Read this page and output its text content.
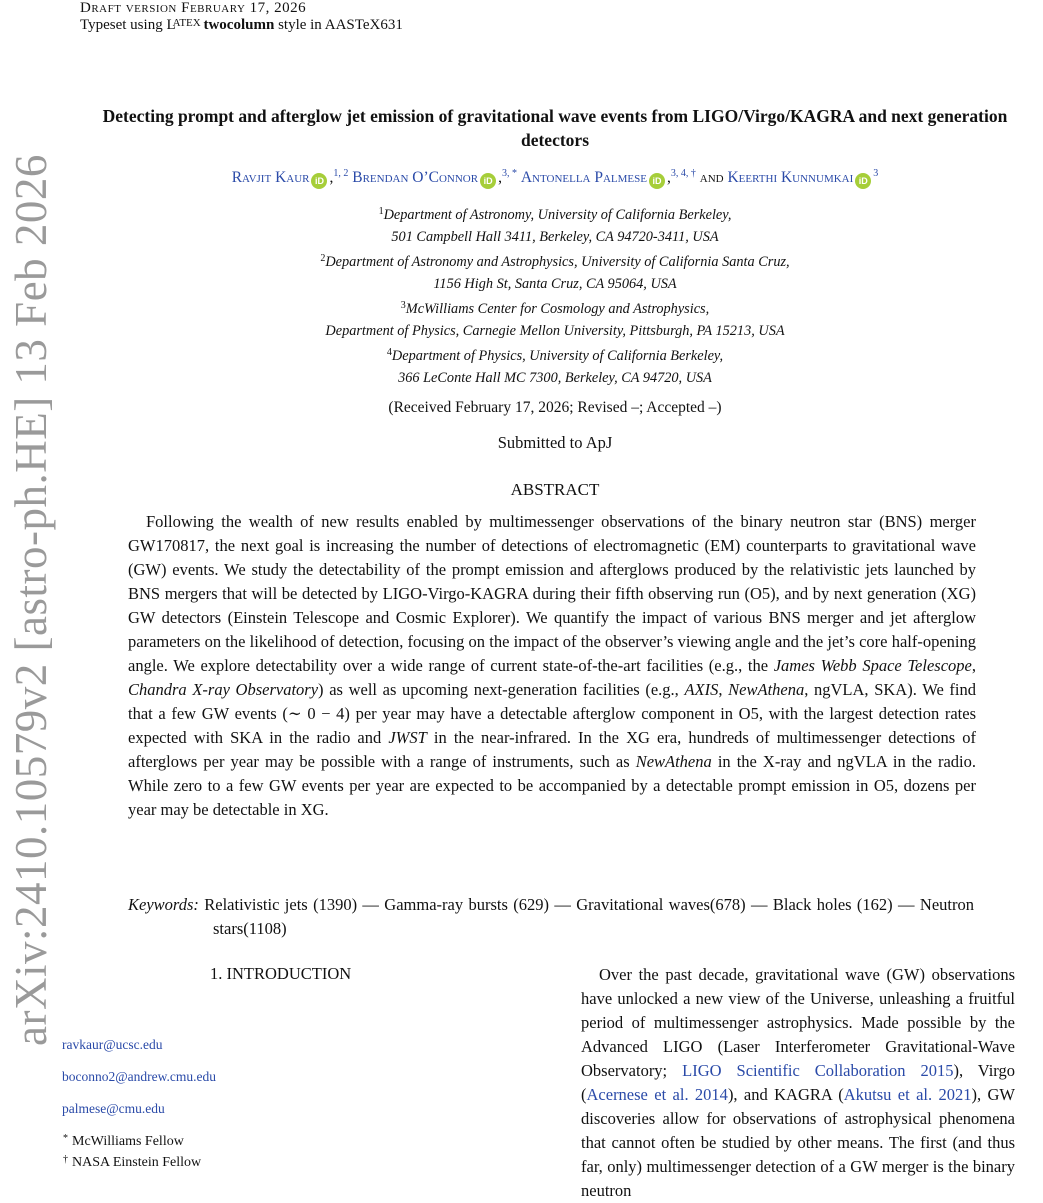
Draft version February 17, 2026
Typeset using $L^{ATEX}$ twocolumn style in AASTeX631
arXiv:2410.10579v2 [astro-ph.HE] 13 Feb 2026
Detecting prompt and afterglow jet emission of gravitational wave events from LIGO/Virgo/KAGRA and next generation detectors
Ravjit Kaur iD ,$^{1, 2}$ Brendan O’Connor iD ,$^{3, *}$ Antonella Palmese iD ,$^{3, 4, \dagger}$ and Keerthi Kunnumkai $iD^3$
$^1$Department of Astronomy, University of California Berkeley,
501 Campbell Hall 3411, Berkeley, CA 94720-3411, USA
$^2$Department of Astronomy and Astrophysics, University of California Santa Cruz,
1156 High St, Santa Cruz, CA 95064, USA
$^3$McWilliams Center for Cosmology and Astrophysics,
Department of Physics, Carnegie Mellon University, Pittsburgh, PA 15213, USA
$^4$Department of Physics, University of California Berkeley,
366 LeConte Hall MC 7300, Berkeley, CA 94720, USA
(Received February 17, 2026; Revised –; Accepted –)
Submitted to ApJ
ABSTRACT
Following the wealth of new results enabled by multimessenger observations of the binary neutron star (BNS) merger GW170817, the next goal is increasing the number of detections of electromagnetic (EM) counterparts to gravitational wave (GW) events. We study the detectability of the prompt emission and afterglows produced by the relativistic jets launched by BNS mergers that will be detected by LIGO-Virgo-KAGRA during their fifth observing run (O5), and by next generation (XG) GW detectors (Einstein Telescope and Cosmic Explorer). We quantify the impact of various BNS merger and jet afterglow parameters on the likelihood of detection, focusing on the impact of the observer’s viewing angle and the jet’s core half-opening angle. We explore detectability over a wide range of current state-of-the-art facilities (e.g., the James Webb Space Telescope, Chandra X-ray Observatory) as well as upcoming next-generation facilities (e.g., AXIS, NewAthena, ngVLA, SKA). We find that a few GW events (∼ 0 − 4) per year may have a detectable afterglow component in O5, with the largest detection rates expected with SKA in the radio and JWST in the near-infrared. In the XG era, hundreds of multimessenger detections of afterglows per year may be possible with a range of instruments, such as NewAthena in the X-ray and ngVLA in the radio. While zero to a few GW events per year are expected to be accompanied by a detectable prompt emission in O5, dozens per year may be detectable in XG.
Keywords: Relativistic jets (1390) — Gamma-ray bursts (629) — Gravitational waves(678) — Black holes (162) — Neutron stars(1108)
1. INTRODUCTION	Over the past decade, gravitational wave (GW) observations have unlocked a new view of the Universe, unleashing a fruitful period of multimessenger astrophysics. Made possible by the Advanced LIGO (Laser Interferometer Gravitational-Wave Observatory; LIGO Scientific Collaboration 2015), Virgo (Acernese et al. 2014), and KAGRA (Akutsu et al. 2021), GW discoveries allow for observations of astrophysical phenomena that cannot often be studied by other means. The first (and thus far, only) multimessenger detection of a GW merger is the binary neutron
ravkaur@ucsc.edu
boconno2@andrew.cmu.edu
palmese@cmu.edu
* McWilliams Fellow
† NASA Einstein Fellow
